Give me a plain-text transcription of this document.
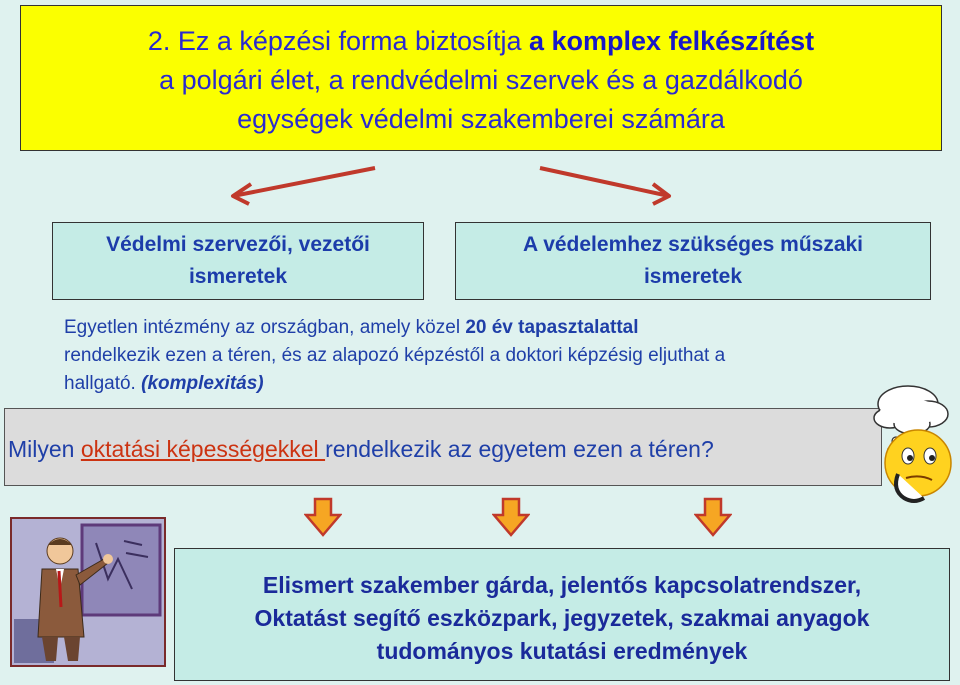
2. Ez a képzési forma biztosítja a komplex felkészítést
a polgári élet, a rendvédelmi szervek és a gazdálkodó
egységek védelmi szakemberei számára
Védelmi szervezői, vezetői
ismeretek
A védelemhez szükséges műszaki
ismeretek
Egyetlen intézmény az országban, amely közel 20 év tapasztalattal
rendelkezik ezen a téren, és az alapozó képzéstől a doktori képzésig eljuthat a
hallgató. (komplexitás)
Milyen oktatási képességekkel rendelkezik az egyetem ezen a téren?
Elismert szakember gárda, jelentős kapcsolatrendszer,
Oktatást segítő eszközpark, jegyzetek, szakmai anyagok
tudományos kutatási eredmények
